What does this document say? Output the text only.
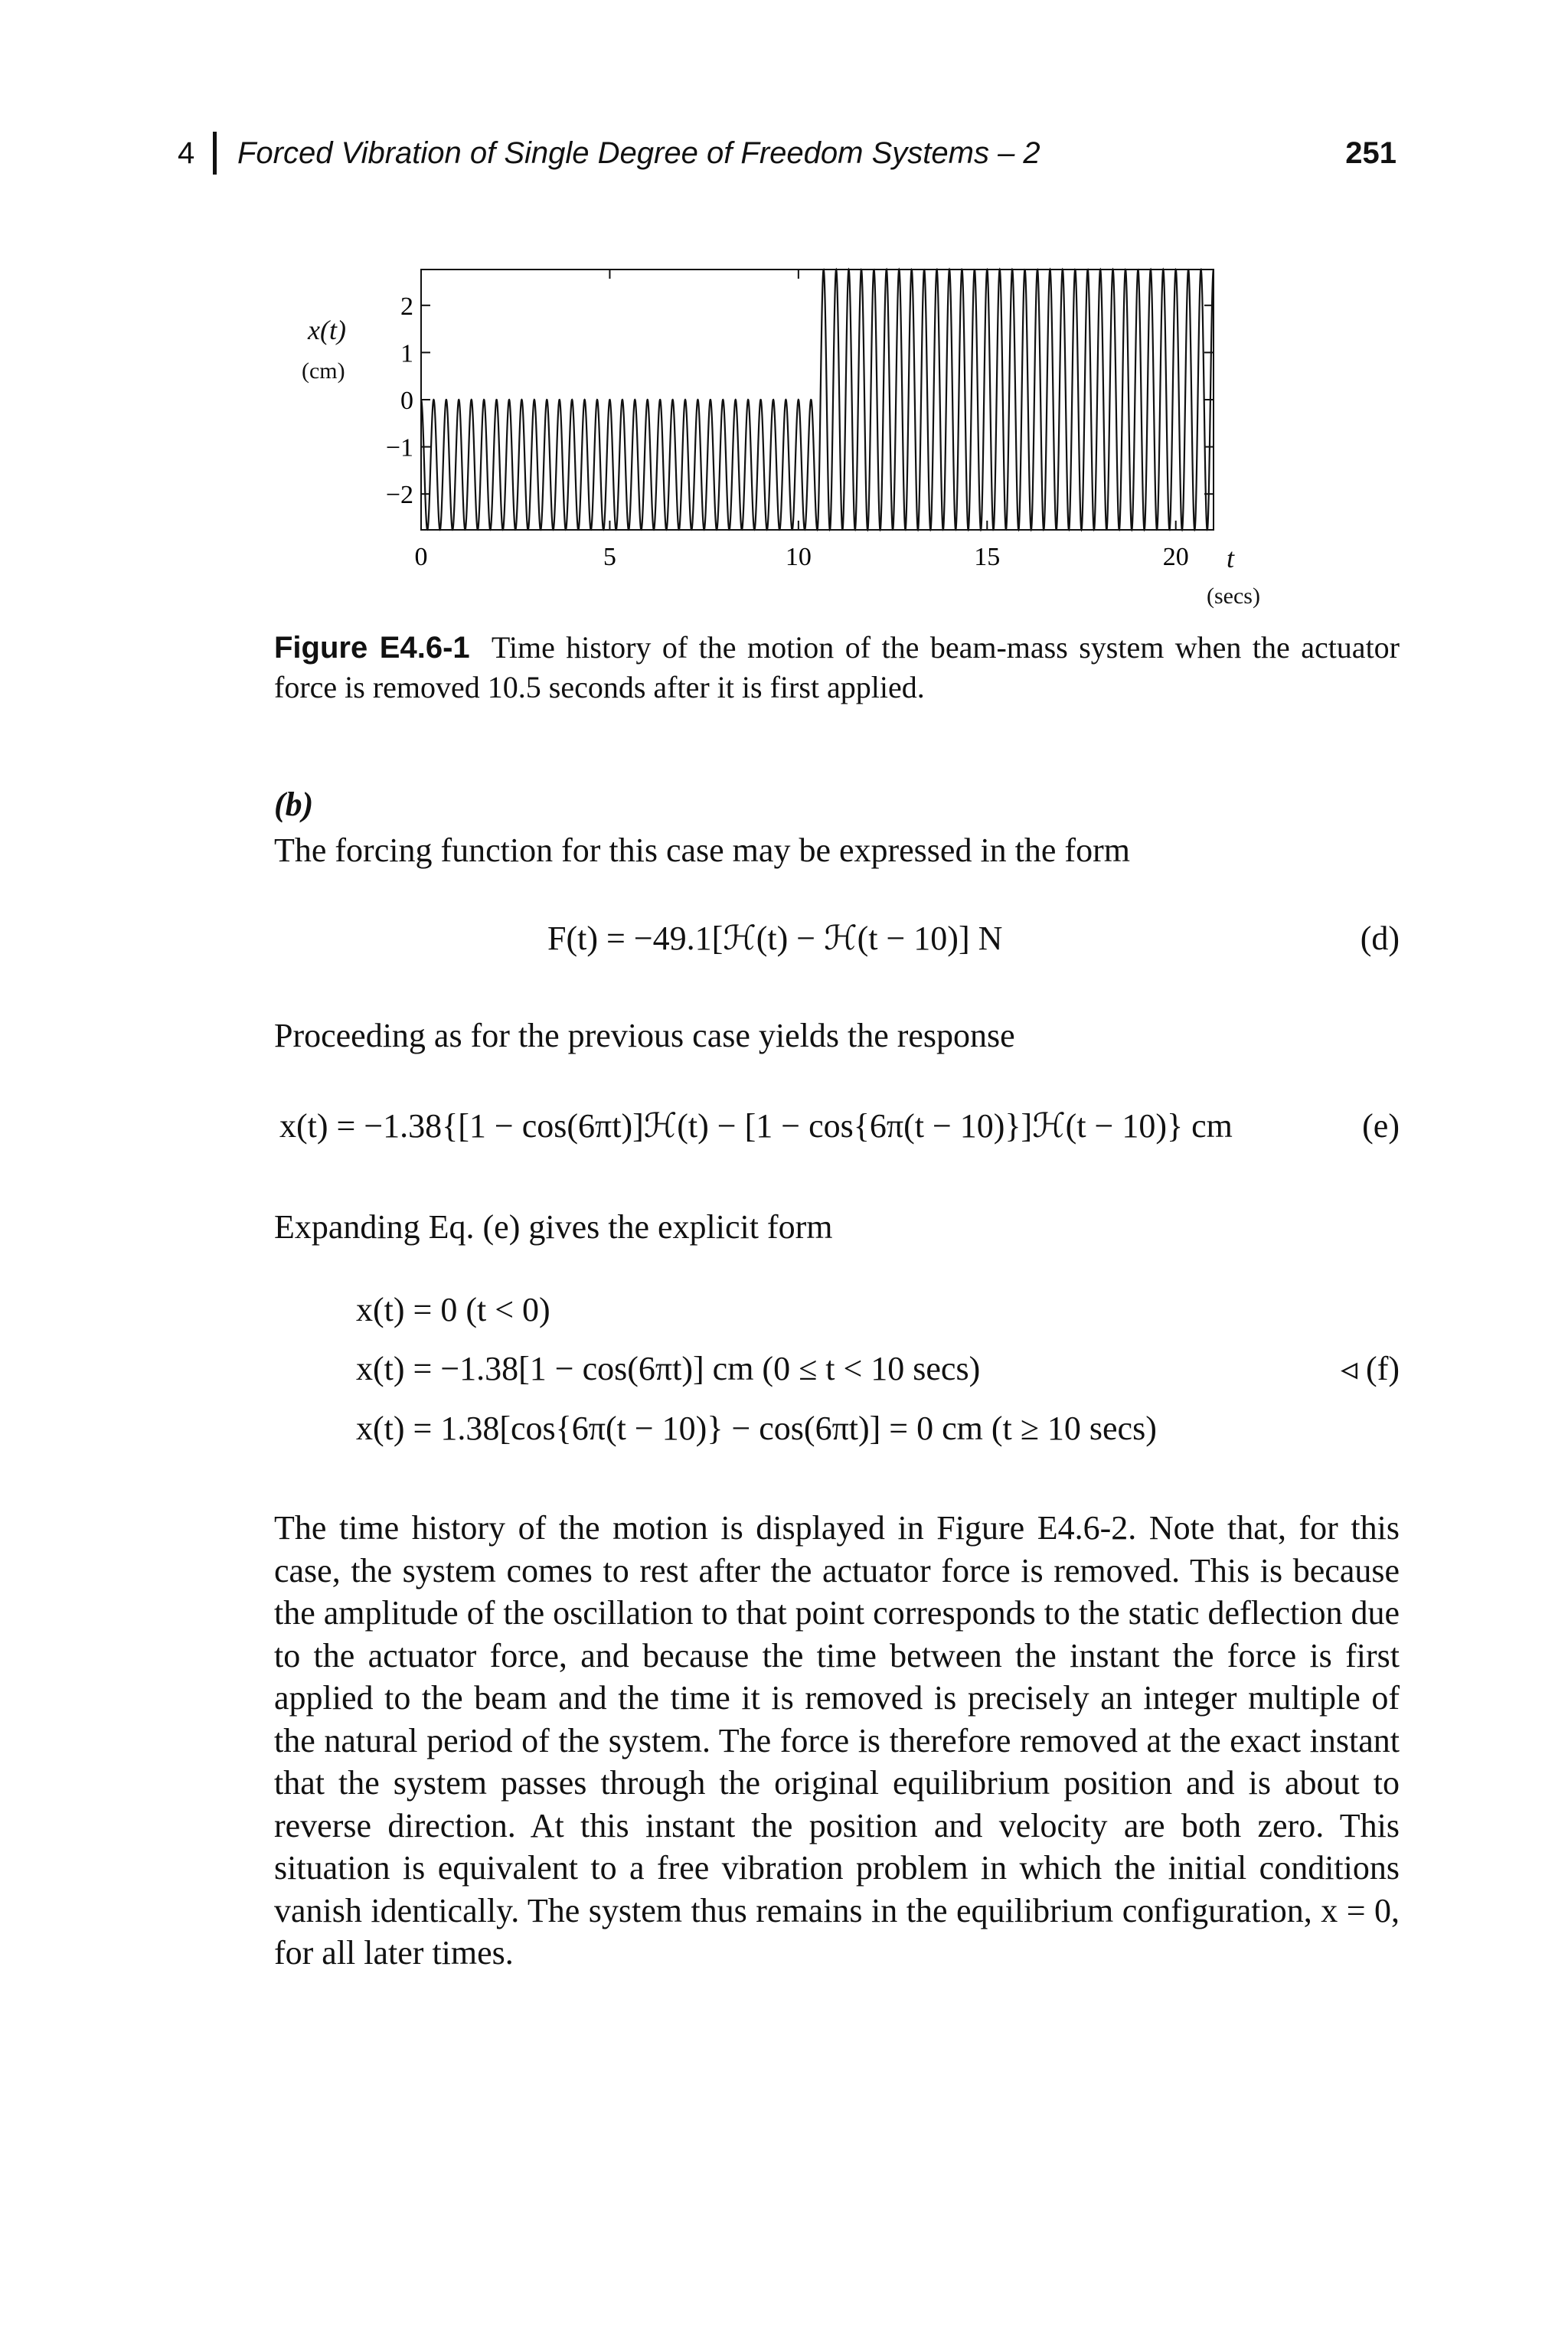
4 Forced Vibration of Single Degree of Freedom Systems – 2	251
x(t)
(cm)
2
1
0
−1
−2
0	5	10	15	20 t
(secs)
Figure E4.6-1 Time history of the motion of the beam-mass system when the actuator force is removed 10.5 seconds after it is first applied.
(b)
The forcing function for this case may be expressed in the form
F(t) = −49.1[ℋ(t) − ℋ(t − 10)] N	(d)
Proceeding as for the previous case yields the response
x(t) = −1.38{[1 − cos(6πt)]ℋ(t) − [1 − cos{6π(t − 10)}]ℋ(t − 10)} cm	(e)
Expanding Eq. (e) gives the explicit form
x(t) = 0 (t < 0)
x(t) = −1.38[1 − cos(6πt)] cm (0 ≤ t < 10 secs)	◃ (f)
x(t) = 1.38[cos{6π(t − 10)} − cos(6πt)] = 0 cm (t ≥ 10 secs)
The time history of the motion is displayed in Figure E4.6-2. Note that, for this case, the system comes to rest after the actuator force is removed. This is because the amplitude of the oscillation to that point corresponds to the static deflection due to the actuator force, and because the time between the instant the force is first applied to the beam and the time it is removed is precisely an integer multiple of the natural period of the system. The force is therefore removed at the exact instant that the system passes through the original equilibrium position and is about to reverse direction. At this instant the position and velocity are both zero. This situation is equivalent to a free vibration problem in which the initial conditions vanish identically. The system thus remains in the equilibrium configuration, x = 0, for all later times.
